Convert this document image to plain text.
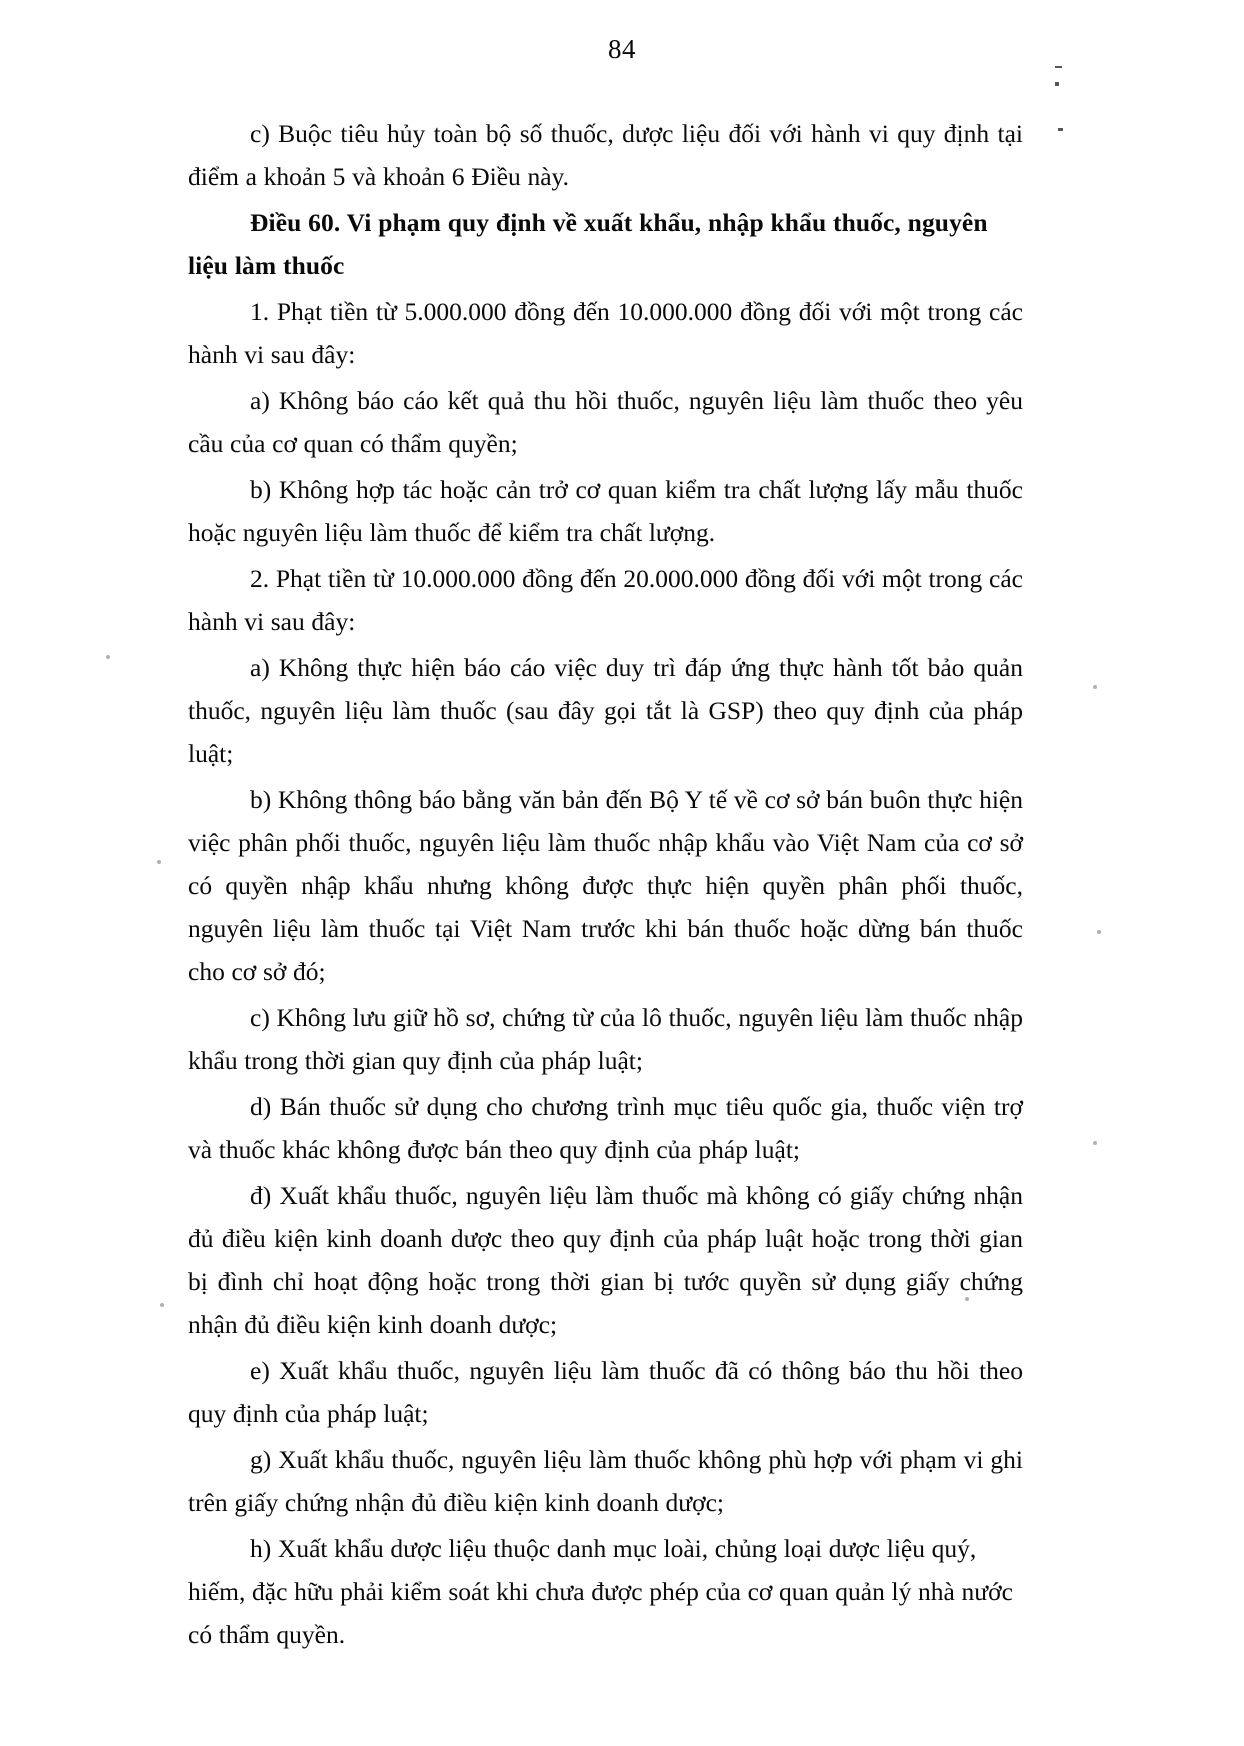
84

c) Buộc tiêu hủy toàn bộ số thuốc, dược liệu đối với hành vi quy định tại điểm a khoản 5 và khoản 6 Điều này.

Điều 60. Vi phạm quy định về xuất khẩu, nhập khẩu thuốc, nguyên liệu làm thuốc

1. Phạt tiền từ 5.000.000 đồng đến 10.000.000 đồng đối với một trong các hành vi sau đây:

a) Không báo cáo kết quả thu hồi thuốc, nguyên liệu làm thuốc theo yêu cầu của cơ quan có thẩm quyền;

b) Không hợp tác hoặc cản trở cơ quan kiểm tra chất lượng lấy mẫu thuốc hoặc nguyên liệu làm thuốc để kiểm tra chất lượng.

2. Phạt tiền từ 10.000.000 đồng đến 20.000.000 đồng đối với một trong các hành vi sau đây:

a) Không thực hiện báo cáo việc duy trì đáp ứng thực hành tốt bảo quản thuốc, nguyên liệu làm thuốc (sau đây gọi tắt là GSP) theo quy định của pháp luật;

b) Không thông báo bằng văn bản đến Bộ Y tế về cơ sở bán buôn thực hiện việc phân phối thuốc, nguyên liệu làm thuốc nhập khẩu vào Việt Nam của cơ sở có quyền nhập khẩu nhưng không được thực hiện quyền phân phối thuốc, nguyên liệu làm thuốc tại Việt Nam trước khi bán thuốc hoặc dừng bán thuốc cho cơ sở đó;

c) Không lưu giữ hồ sơ, chứng từ của lô thuốc, nguyên liệu làm thuốc nhập khẩu trong thời gian quy định của pháp luật;

d) Bán thuốc sử dụng cho chương trình mục tiêu quốc gia, thuốc viện trợ và thuốc khác không được bán theo quy định của pháp luật;

đ) Xuất khẩu thuốc, nguyên liệu làm thuốc mà không có giấy chứng nhận đủ điều kiện kinh doanh dược theo quy định của pháp luật hoặc trong thời gian bị đình chỉ hoạt động hoặc trong thời gian bị tước quyền sử dụng giấy chứng nhận đủ điều kiện kinh doanh dược;

e) Xuất khẩu thuốc, nguyên liệu làm thuốc đã có thông báo thu hồi theo quy định của pháp luật;

g) Xuất khẩu thuốc, nguyên liệu làm thuốc không phù hợp với phạm vi ghi trên giấy chứng nhận đủ điều kiện kinh doanh dược;

h) Xuất khẩu dược liệu thuộc danh mục loài, chủng loại dược liệu quý, hiếm, đặc hữu phải kiểm soát khi chưa được phép của cơ quan quản lý nhà nước có thẩm quyền.
